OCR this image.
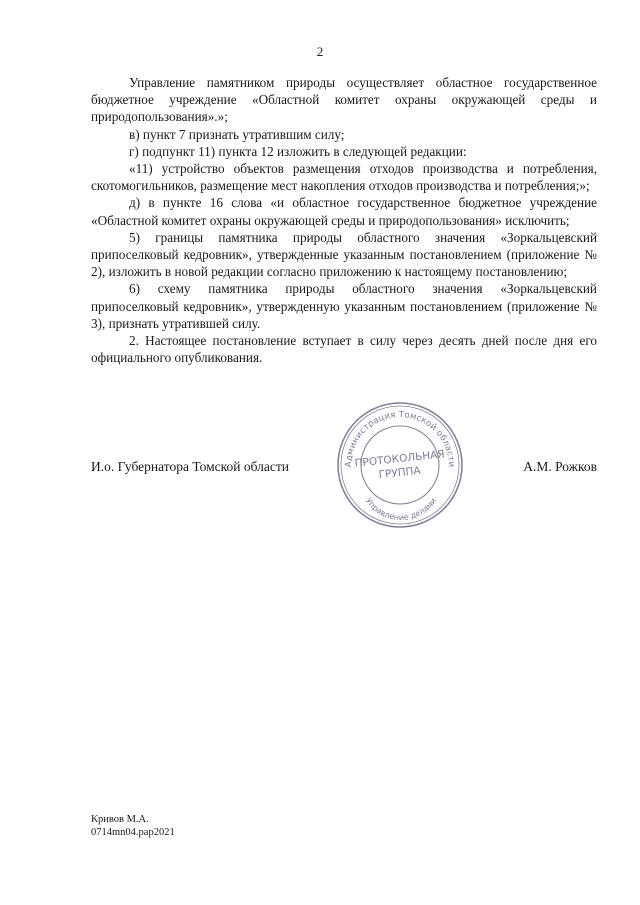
2

Управление памятником природы осуществляет областное государственное бюджетное учреждение «Областной комитет охраны окружающей среды и природопользования».»;

в) пункт 7 признать утратившим силу;

г) подпункт 11) пункта 12 изложить в следующей редакции:

«11) устройство объектов размещения отходов производства и потребления, скотомогильников, размещение мест накопления отходов производства и потребления;»;

д) в пункте 16 слова «и областное государственное бюджетное учреждение «Областной комитет охраны окружающей среды и природопользования» исключить;

5) границы памятника природы областного значения «Зоркальцевский припоселковый кедровник», утвержденные указанным постановлением (приложение № 2), изложить в новой редакции согласно приложению к настоящему постановлению;

6) схему памятника природы областного значения «Зоркальцевский припоселковый кедровник», утвержденную указанным постановлением (приложение № 3), признать утратившей силу.

2. Настоящее постановление вступает в силу через десять дней после дня его официального опубликования.

И.о. Губернатора Томской области	А.М. Рожков
Администрация Томской области
Управление делами
ПРОТОКОЛЬНАЯ
ГРУППА
Кривов М.А.
0714mn04.pap2021
